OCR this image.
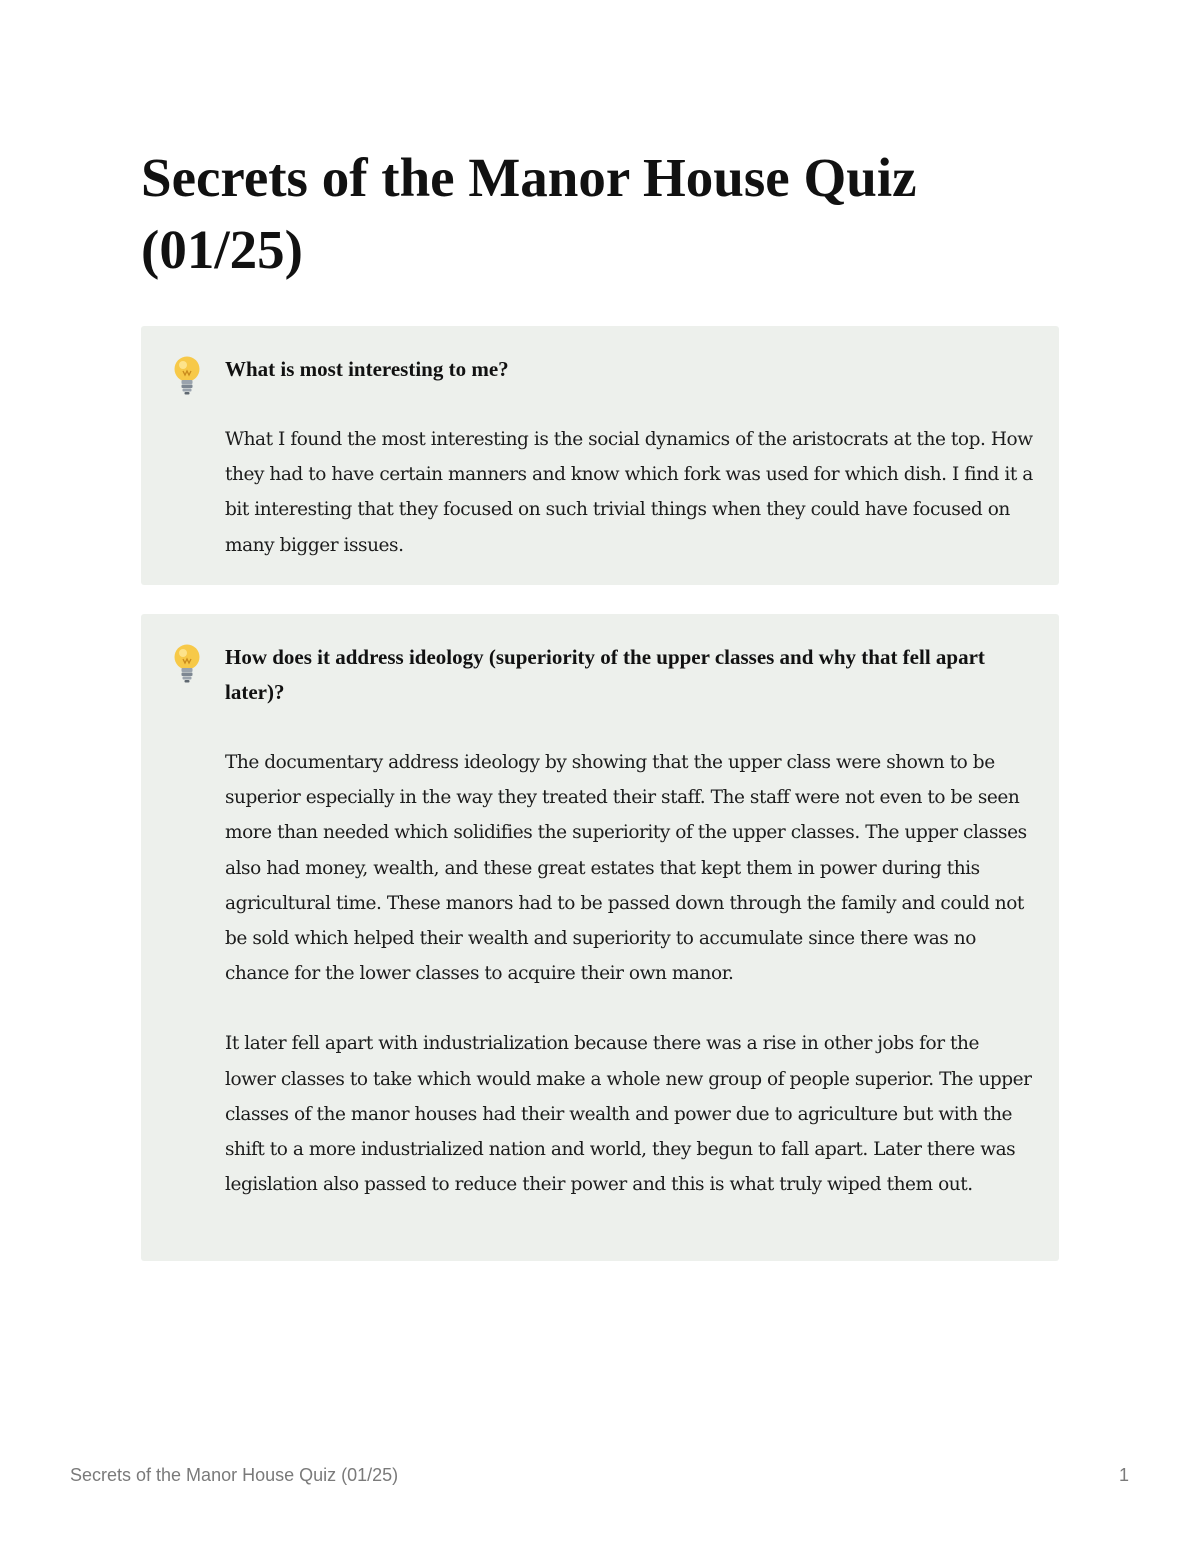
Secrets of the Manor House Quiz (01/25)

What is most interesting to me?

What I found the most interesting is the social dynamics of the aristocrats at the top. How they had to have certain manners and know which fork was used for which dish. I find it a bit interesting that they focused on such trivial things when they could have focused on many bigger issues.

How does it address ideology (superiority of the upper classes and why that fell apart later)?

The documentary address ideology by showing that the upper class were shown to be superior especially in the way they treated their staff. The staff were not even to be seen more than needed which solidifies the superiority of the upper classes. The upper classes also had money, wealth, and these great estates that kept them in power during this agricultural time. These manors had to be passed down through the family and could not be sold which helped their wealth and superiority to accumulate since there was no chance for the lower classes to acquire their own manor.

It later fell apart with industrialization because there was a rise in other jobs for the lower classes to take which would make a whole new group of people superior. The upper classes of the manor houses had their wealth and power due to agriculture but with the shift to a more industrialized nation and world, they begun to fall apart. Later there was legislation also passed to reduce their power and this is what truly wiped them out.

Secrets of the Manor House Quiz (01/25)	1
